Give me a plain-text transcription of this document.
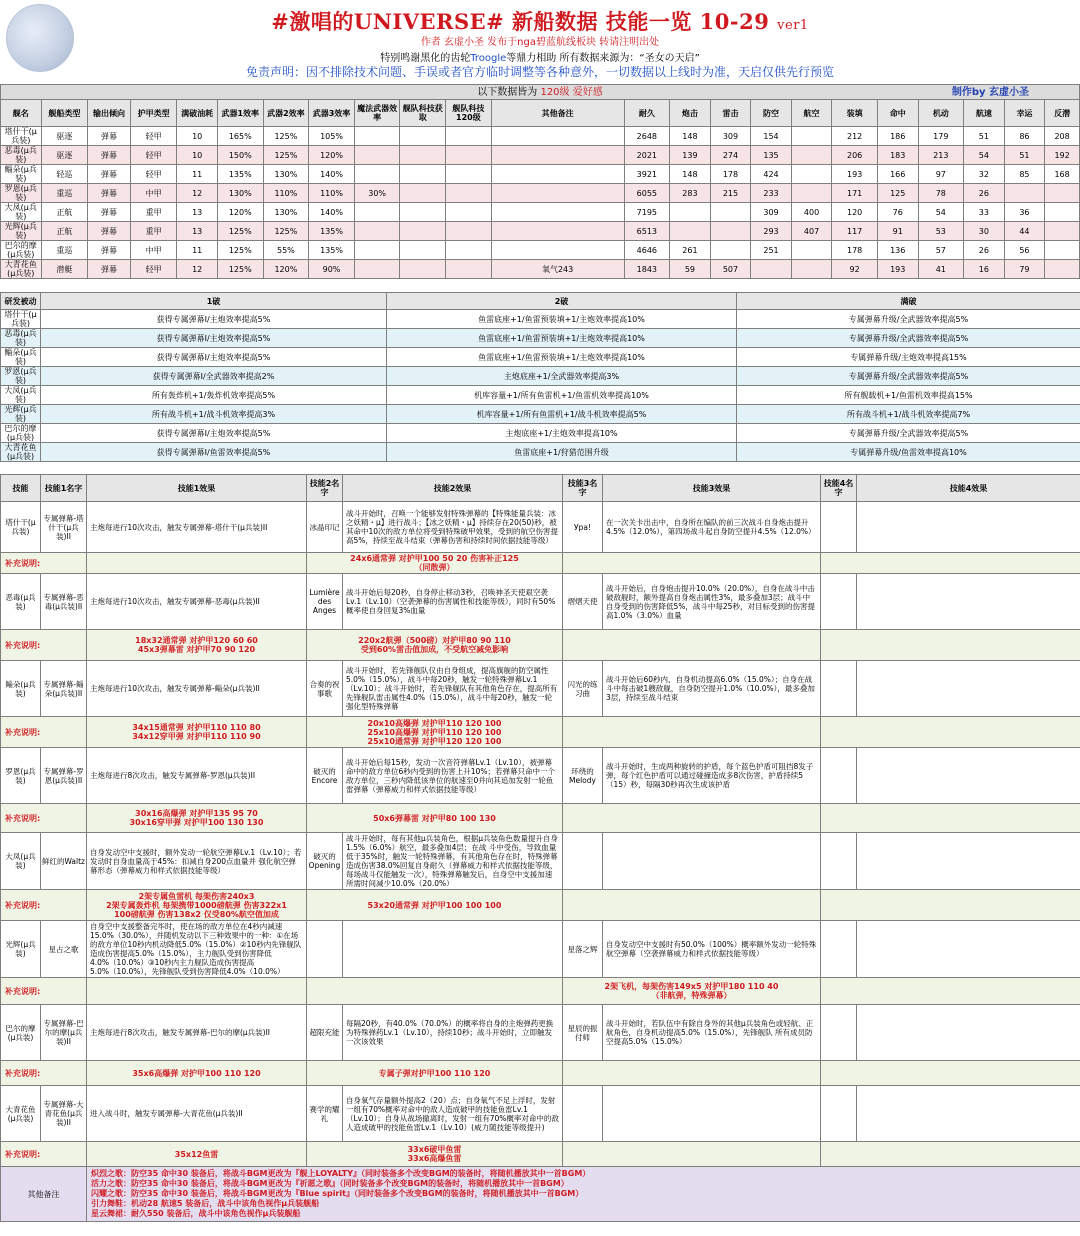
#激唱的UNIVERSE# 新船数据 技能一览 10-29 ver1
作者 玄虚小圣 发布于nga碧蓝航线板块 转请注明出处
特别鸣谢黑化的齿轮Troogle等鼎力相助 所有数据来源为：“圣女の天启”
免责声明：因不排除技术问题、手误或者官方临时调整等各种意外，一切数据以上线时为准，天启仅供先行预览
以下数据皆为 120级 爱好感 制作by 玄虚小圣																						

舰名	舰船类型	输出倾向	护甲类型	满破油耗	武器1效率	武器2效率	武器3效率	魔法武器效率	舰队科技获取	舰队科技120级	其他备注	耐久	炮击	雷击	防空	航空	装填	命中	机动	航速	幸运	反潜
塔什干(μ兵装)	驱逐	弹幕	轻甲	10	165%	125%	105%					2648	148	309	154		212	186	179	51	86	208
恶毒(μ兵装)	驱逐	弹幕	轻甲	10	150%	125%	120%					2021	139	274	135		206	183	213	54	51	192
鲻朵(μ兵装)	轻巡	弹幕	轻甲	11	135%	130%	140%					3921	148	178	424		193	166	97	32	85	168
罗恩(μ兵装)	重巡	弹幕	中甲	12	130%	110%	110%	30%				6055	283	215	233		171	125	78	26		
大凤(μ兵装)	正航	弹幕	重甲	13	120%	130%	140%					7195			309	400	120	76	54	33	36	
光辉(μ兵装)	正航	弹幕	重甲	13	125%	125%	135%					6513			293	407	117	91	53	30	44	
巴尔的摩(μ兵装)	重巡	弹幕	中甲	11	125%	55%	135%					4646	261		251		178	136	57	26	56	
大青花鱼(μ兵装)	潜艇	弹幕	轻甲	12	125%	120%	90%				氧气243	1843	59	507			92	193	41	16	79	
研发被动	1破	2破	满破
塔什干(μ兵装)	获得专属弹幕I/主炮效率提高5%	鱼雷底座+1/鱼雷预装填+1/主炮效率提高10%	专属弹幕升级/全武器效率提高5%
恶毒(μ兵装)	获得专属弹幕I/主炮效率提高5%	鱼雷底座+1/鱼雷预装填+1/主炮效率提高10%	专属弹幕升级/全武器效率提高5%
鲻朵(μ兵装)	获得专属弹幕I/主炮效率提高5%	鱼雷底座+1/鱼雷预装填+1/主炮效率提高10%	专属弹幕升级/主炮效率提高15%
罗恩(μ兵装)	获得专属弹幕I/全武器效率提高2%	主炮底座+1/全武器效率提高3%	专属弹幕升级/全武器效率提高5%
大凤(μ兵装)	所有轰炸机+1/轰炸机效率提高5%	机库容量+1/所有鱼雷机+1/鱼雷机效率提高10%	所有舰载机+1/鱼雷机效率提高15%
光辉(μ兵装)	所有战斗机+1/战斗机效率提高3%	机库容量+1/所有鱼雷机+1/战斗机效率提高5%	所有战斗机+1/战斗机效率提高7%
巴尔的摩(μ兵装)	获得专属弹幕I/主炮效率提高5%	主炮底座+1/主炮效率提高10%	专属弹幕升级/全武器效率提高5%
大青花鱼(μ兵装)	获得专属弹幕I/鱼雷效率提高5%	鱼雷底座+1/狩猎范围升级	专属弹幕升级/鱼雷效率提高10%
技能	技能1名字	技能1效果	技能2名字	技能2效果	技能3名字	技能3效果	技能4名字	技能4效果
塔什干(μ兵装)	专属弹幕-塔什干(μ兵装)II	主炮每进行10次攻击，触发专属弹幕-塔什干(μ兵装)II	冰晶印记	战斗开始时，召唤一个能够发射特殊弹幕的【特殊能量兵装：冰之妖精・μ】进行战斗；【冰之妖精・μ】持续存在20(50)秒，被其命中10次的敌方单位将受到特殊破甲效果，受到的航空伤害提高5%，持续至战斗结束（弹幕伤害和持续时间依据技能等级）	Урa!	在一次关卡出击中，自身所在编队的前三次战斗自身炮击提升4.5%（12.0%），第四场战斗起自身防空提升4.5%（12.0%）		
补充说明:			24x6通常弹 对护甲100 50 20 伤害补正125
（同散弹）					
恶毒(μ兵装)	专属弹幕-恶毒(μ兵装)II	主炮每进行10次攻击，触发专属弹幕-恶毒(μ兵装)II	Lumière des Anges	战斗开始后每20秒，自身停止移动3秒，召唤神圣天使艰空袭Lv.1（Lv.10）（空袭弹幕的伤害属性和技能等级），同时有50%概率使自身回复3%血量	熠熠天使	战斗开始后，自身炮击提升10.0%（20.0%），自身在战斗中击破敌舰时，额外提高自身炮击属性3%，最多叠加3层；战斗中自身受到的伤害降低5%，战斗中每25秒，对目标受到的伤害提高1.0%（3.0%）血量		
补充说明:		18x32通常弹 对护甲120 60 60
45x3弹幕雷 对护甲70 90 120	220x2航弹（500磅）对护甲80 90 110
受到60%雷击值加成，不受航空减免影响					
鲻朵(μ兵装)	专属弹幕-鲻朵(μ兵装)II	主炮每进行10次攻击，触发专属弹幕-鲻朵(μ兵装)II	合奏的祝事歌	战斗开始时，若先锋舰队仅由自身组成，提高旗舰的防空属性5.0%（15.0%），战斗中每20秒，触发一轮特殊弹幕Lv.1（Lv.10）；战斗开始时，若先锋舰队有其他角色存在，提高所有先锋舰队雷击属性4.0%（15.0%），战斗中每20秒，触发一轮强化型特殊弹幕	闪光的练习曲	战斗开始后60秒内，自身机动提高6.0%（15.0%）；自身在战斗中每击破1艘敌舰，自身防空提升1.0%（10.0%），最多叠加3层，持续至战斗结束		
补充说明:		34x15通常弹 对护甲110 110 80
34x12穿甲弹 对护甲110 110 90	20x10高爆弹 对护甲110 120 100
25x10高爆弹 对护甲110 120 100
25x10通常弹 对护甲120 120 100					
罗恩(μ兵装)	专属弹幕-罗恩(μ兵装)II	主炮每进行8次攻击，触发专属弹幕-罗恩(μ兵装)II	破灭的Encore	战斗开始后每15秒，发动一次音符弹幕Lv.1（Lv.10），被弹幕命中的敌方单位6秒内受到的伤害上升10%；若弹幕只命中一个敌方单位，三秒内降低该单位的航速至0并向其追加发射一轮鱼雷弹幕（弹幕威力和样式依据技能等级）	环绕的Melody	战斗开始时，生成两种旋转的护盾，每个蓝色护盾可阻挡8发子弹，每个红色护盾可以通过碰撞造成多8次伤害，护盾持续5（15）秒，每隔30秒再次生成该护盾		
补充说明:		30x16高爆弹 对护甲135 95 70
30x16穿甲弹 对护甲100 130 130	50x6弹幕雷 对护甲80 100 130					
大凤(μ兵装)	鲜红的Waltz	自身发动空中支援时，额外发动一轮航空弹幕Lv.1（Lv.10）；若发动时自身血量高于45%：扣减自身200点血量并 强化航空弹幕形态（弹幕威力和样式依据技能等级）	破灭的Opening	战斗开始时，每有其他μ兵装角色，根据μ兵装角色数量提升自身1.5%（6.0%）航空，最多叠加4层；在战 斗中受伤，导致血量低于35%时，触发一轮特殊弹幕，有其他角色存在时，特殊弹幕造成伤害38.0%回复自身耐久（弹幕威力和样式依据技能等级，每场战斗仅能触发一次），特殊弹幕触发后，自身空中支援加速所需时间减少10.0%（20.0%）				
补充说明:		2架专属鱼雷机 每架伤害240x3
2架专属轰炸机 每架携带1000磅航弹 伤害322x1
100磅航弹 伤害138x2 仅受80%航空值加成	53x20通常弹 对护甲100 100 100					
光辉(μ兵装)	星占之歌	自身空中支援整备完毕时，使在场的敌方单位在4秒内减速15.0%（30.0%），并随机发动以下三种效果中的一种：①在场的敌方单位10秒内机动降低5.0%（15.0%）②10秒内先锋舰队造成伤害提高5.0%（15.0%），主力舰队受到伤害降低4.0%（10.0%）③10秒内主力舰队造成伤害提高5.0%（10.0%），先锋舰队受到伤害降低4.0%（10.0%）			星落之辉	自身发动空中支援时有50.0%（100%）概率额外发动一轮特殊航空弹幕（空袭弹幕威力和样式依据技能等级）		
补充说明:					2架飞机，每架伤害149x5 对护甲180 110 40
（非航弹，特殊弹幕）			
巴尔的摩(μ兵装)	专属弹幕-巴尔的摩(μ兵装)II	主炮每进行8次攻击，触发专属弹幕-巴尔的摩(μ兵装)II	超限充能	每隔20秒，有40.0%（70.0%）的概率将自身的主炮弹药更换为特殊弹药Lv.1（Lv.10），持续10秒；战斗开始时，立即触发一次该效果	星辰的振付师	战斗开始时，若队伍中有除自身外的其他μ兵装角色或轻航、正航角色，自身机动提高5.0%（15.0%），先锋舰队 所有成员防空提高5.0%（15.0%）		
补充说明:		35x6高爆弹 对护甲100 110 120	专属子弹对护甲100 110 120					
大青花鱼(μ兵装)	专属弹幕-大青花鱼(μ兵装)II	进入战斗时，触发专属弹幕-大青花鱼(μ兵装)II	赛学的耀礼	自身氧气存量额外提高2（20）点；自身氧气不足上浮时，发射一组有70%概率对命中的敌人造成破甲的技能鱼雷Lv.1（Lv.10）；自身从战场撤离时，发射一组有70%概率对命中的敌人造成破甲的技能鱼雷Lv.1（Lv.10）(威力随技能等级提升)				
补充说明:		35x12鱼雷	33x6破甲鱼雷
33x6高爆鱼雷					
其他备注		炽烈之歌：防空35 命中30 装备后，将战斗BGM更改为『舰上LOYALTY』（同时装备多个改变BGM的装备时，将随机播放其中一首BGM）
活力之歌：防空35 命中30 装备后，将战斗BGM更改为『祈愿之歌』（同时装备多个改变BGM的装备时，将随机播放其中一首BGM）
闪耀之歌：防空35 命中30 装备后，将战斗BGM更改为『Blue spirit』（同时装备多个改变BGM的装备时，将随机播放其中一首BGM）
引力舞鞋：机动28 航速5 装备后，战斗中该角色视作μ兵装舰船
星云舞裙：耐久550 装备后，战斗中该角色视作μ兵装舰船						
